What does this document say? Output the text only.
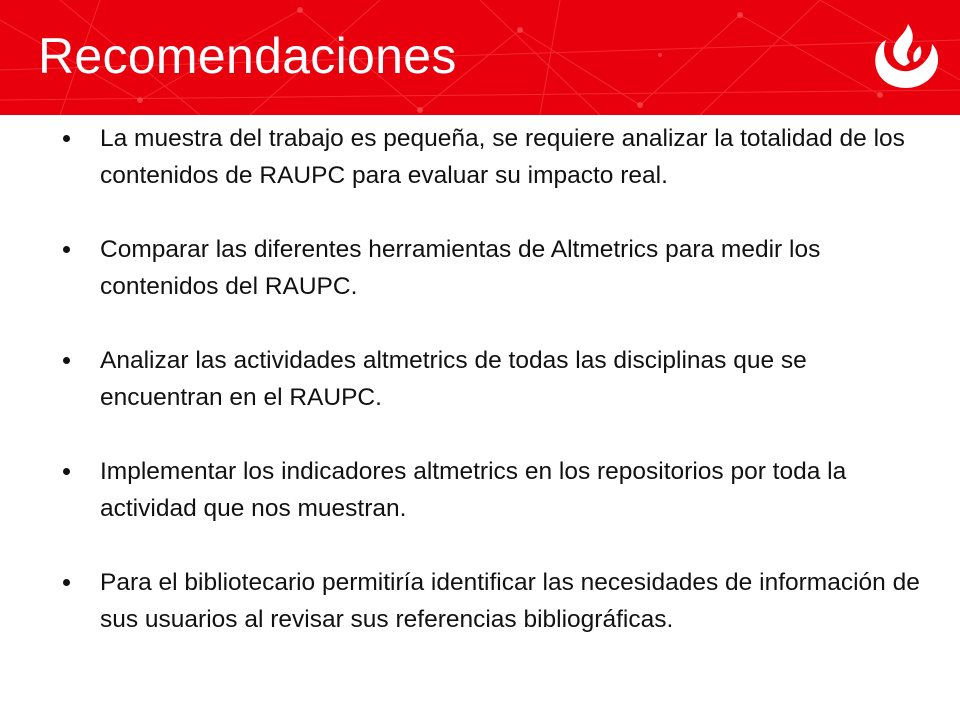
Recomendaciones
La muestra del trabajo es pequeña, se requiere analizar la totalidad de los contenidos de RAUPC para evaluar su impacto real.
Comparar las diferentes herramientas de Altmetrics para medir los contenidos del RAUPC.
Analizar las actividades altmetrics de todas las disciplinas que se encuentran en el RAUPC.
Implementar los indicadores altmetrics en los repositorios por toda la actividad que nos muestran.
Para el bibliotecario permitiría identificar las necesidades de información de sus usuarios al revisar sus referencias bibliográficas.
